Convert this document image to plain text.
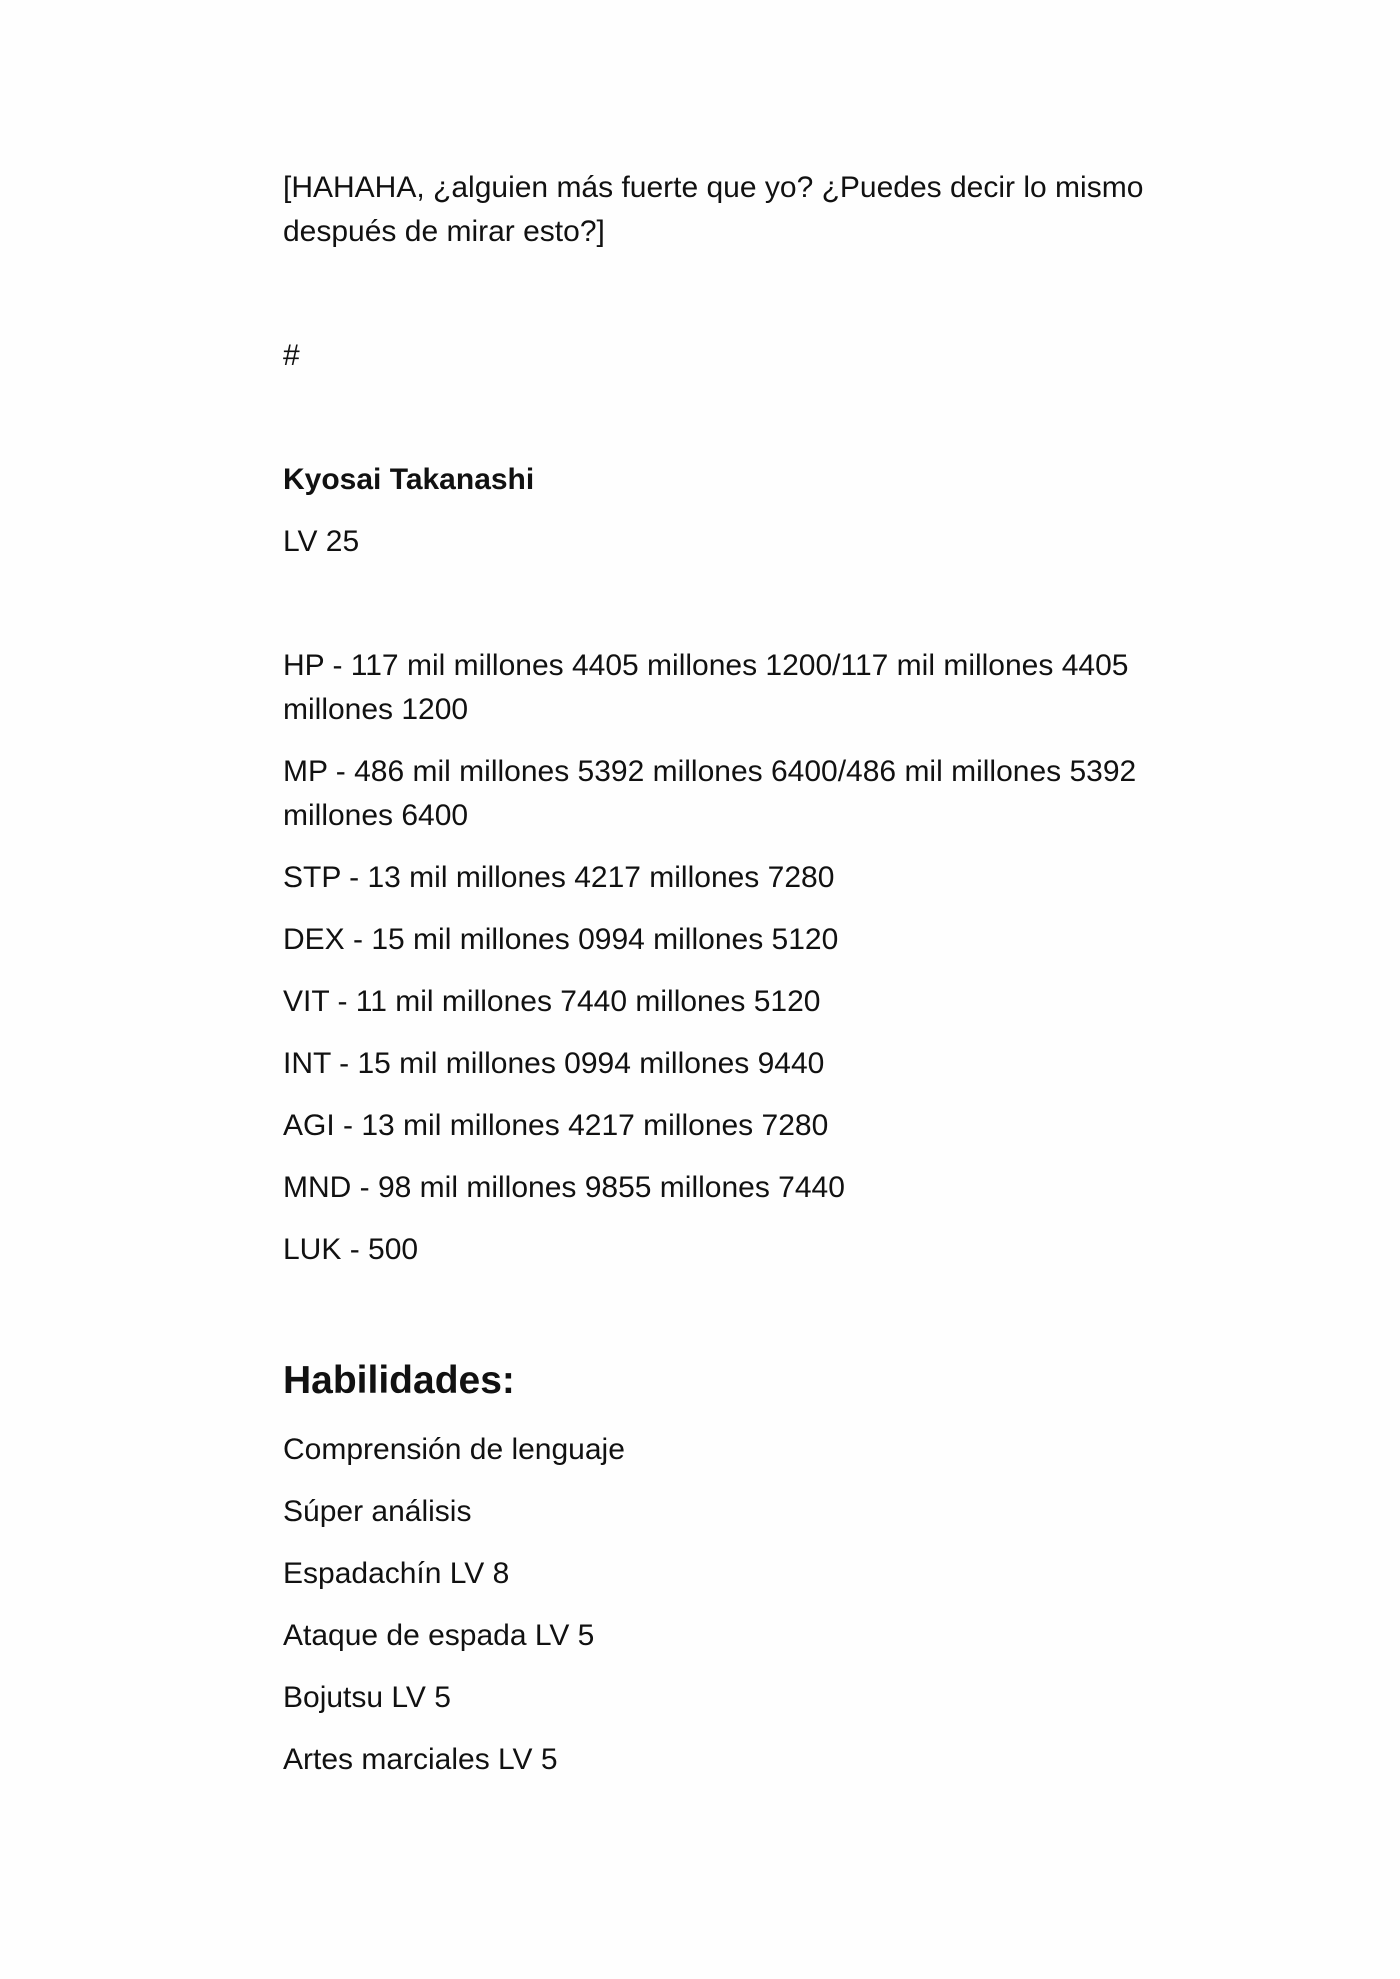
[HAHAHA, ¿alguien más fuerte que yo? ¿Puedes decir lo mismo después de mirar esto?]

#

Kyosai Takanashi

LV 25

HP - 117 mil millones 4405 millones 1200/117 mil millones 4405 millones 1200

MP - 486 mil millones 5392 millones 6400/486 mil millones 5392 millones 6400

STP - 13 mil millones 4217 millones 7280

DEX - 15 mil millones 0994 millones 5120

VIT - 11 mil millones 7440 millones 5120

INT - 15 mil millones 0994 millones 9440

AGI - 13 mil millones 4217 millones 7280

MND - 98 mil millones 9855 millones 7440

LUK - 500

Habilidades:
Comprensión de lenguaje
Súper análisis
Espadachín LV 8
Ataque de espada LV 5
Bojutsu LV 5
Artes marciales LV 5
